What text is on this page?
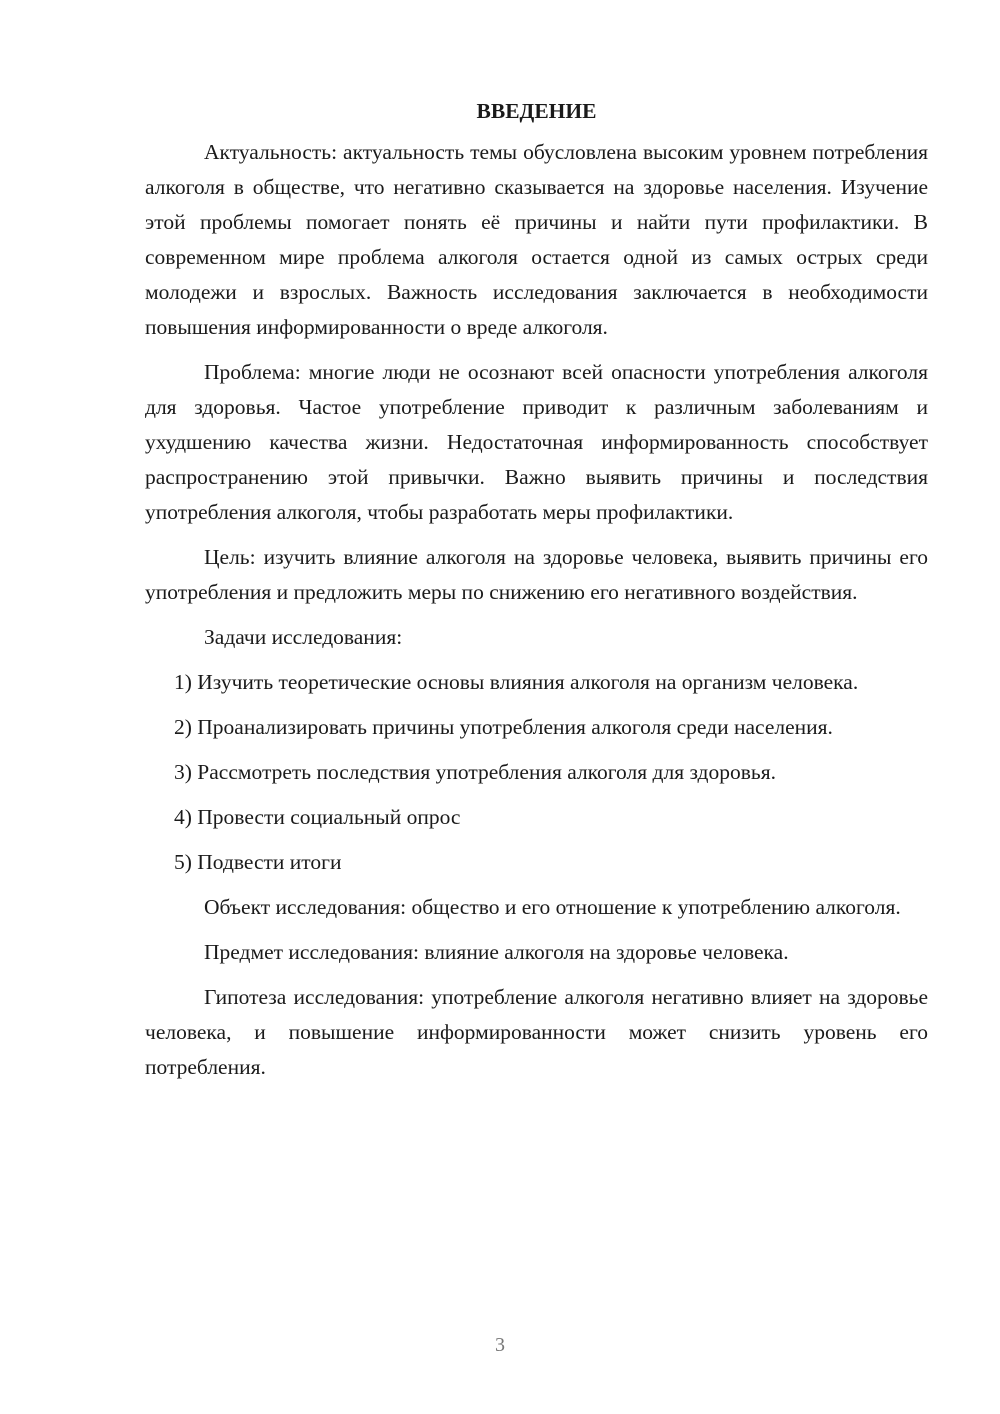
ВВЕДЕНИЕ

Актуальность: актуальность темы обусловлена высоким уровнем потребления алкоголя в обществе, что негативно сказывается на здоровье населения. Изучение этой проблемы помогает понять её причины и найти пути профилактики. В современном мире проблема алкоголя остается одной из самых острых среди молодежи и взрослых. Важность исследования заключается в необходимости повышения информированности о вреде алкоголя.

Проблема: многие люди не осознают всей опасности употребления алкоголя для здоровья. Частое употребление приводит к различным заболеваниям и ухудшению качества жизни. Недостаточная информированность способствует распространению этой привычки. Важно выявить причины и последствия употребления алкоголя, чтобы разработать меры профилактики.

Цель: изучить влияние алкоголя на здоровье человека, выявить причины его употребления и предложить меры по снижению его негативного воздействия.

Задачи исследования:

1) Изучить теоретические основы влияния алкоголя на организм человека.

2) Проанализировать причины употребления алкоголя среди населения.

3) Рассмотреть последствия употребления алкоголя для здоровья.

4) Провести социальный опрос

5) Подвести итоги

Объект исследования: общество и его отношение к употреблению алкоголя.

Предмет исследования: влияние алкоголя на здоровье человека.

Гипотеза исследования: употребление алкоголя негативно влияет на здоровье человека, и повышение информированности может снизить уровень его потребления.

3
